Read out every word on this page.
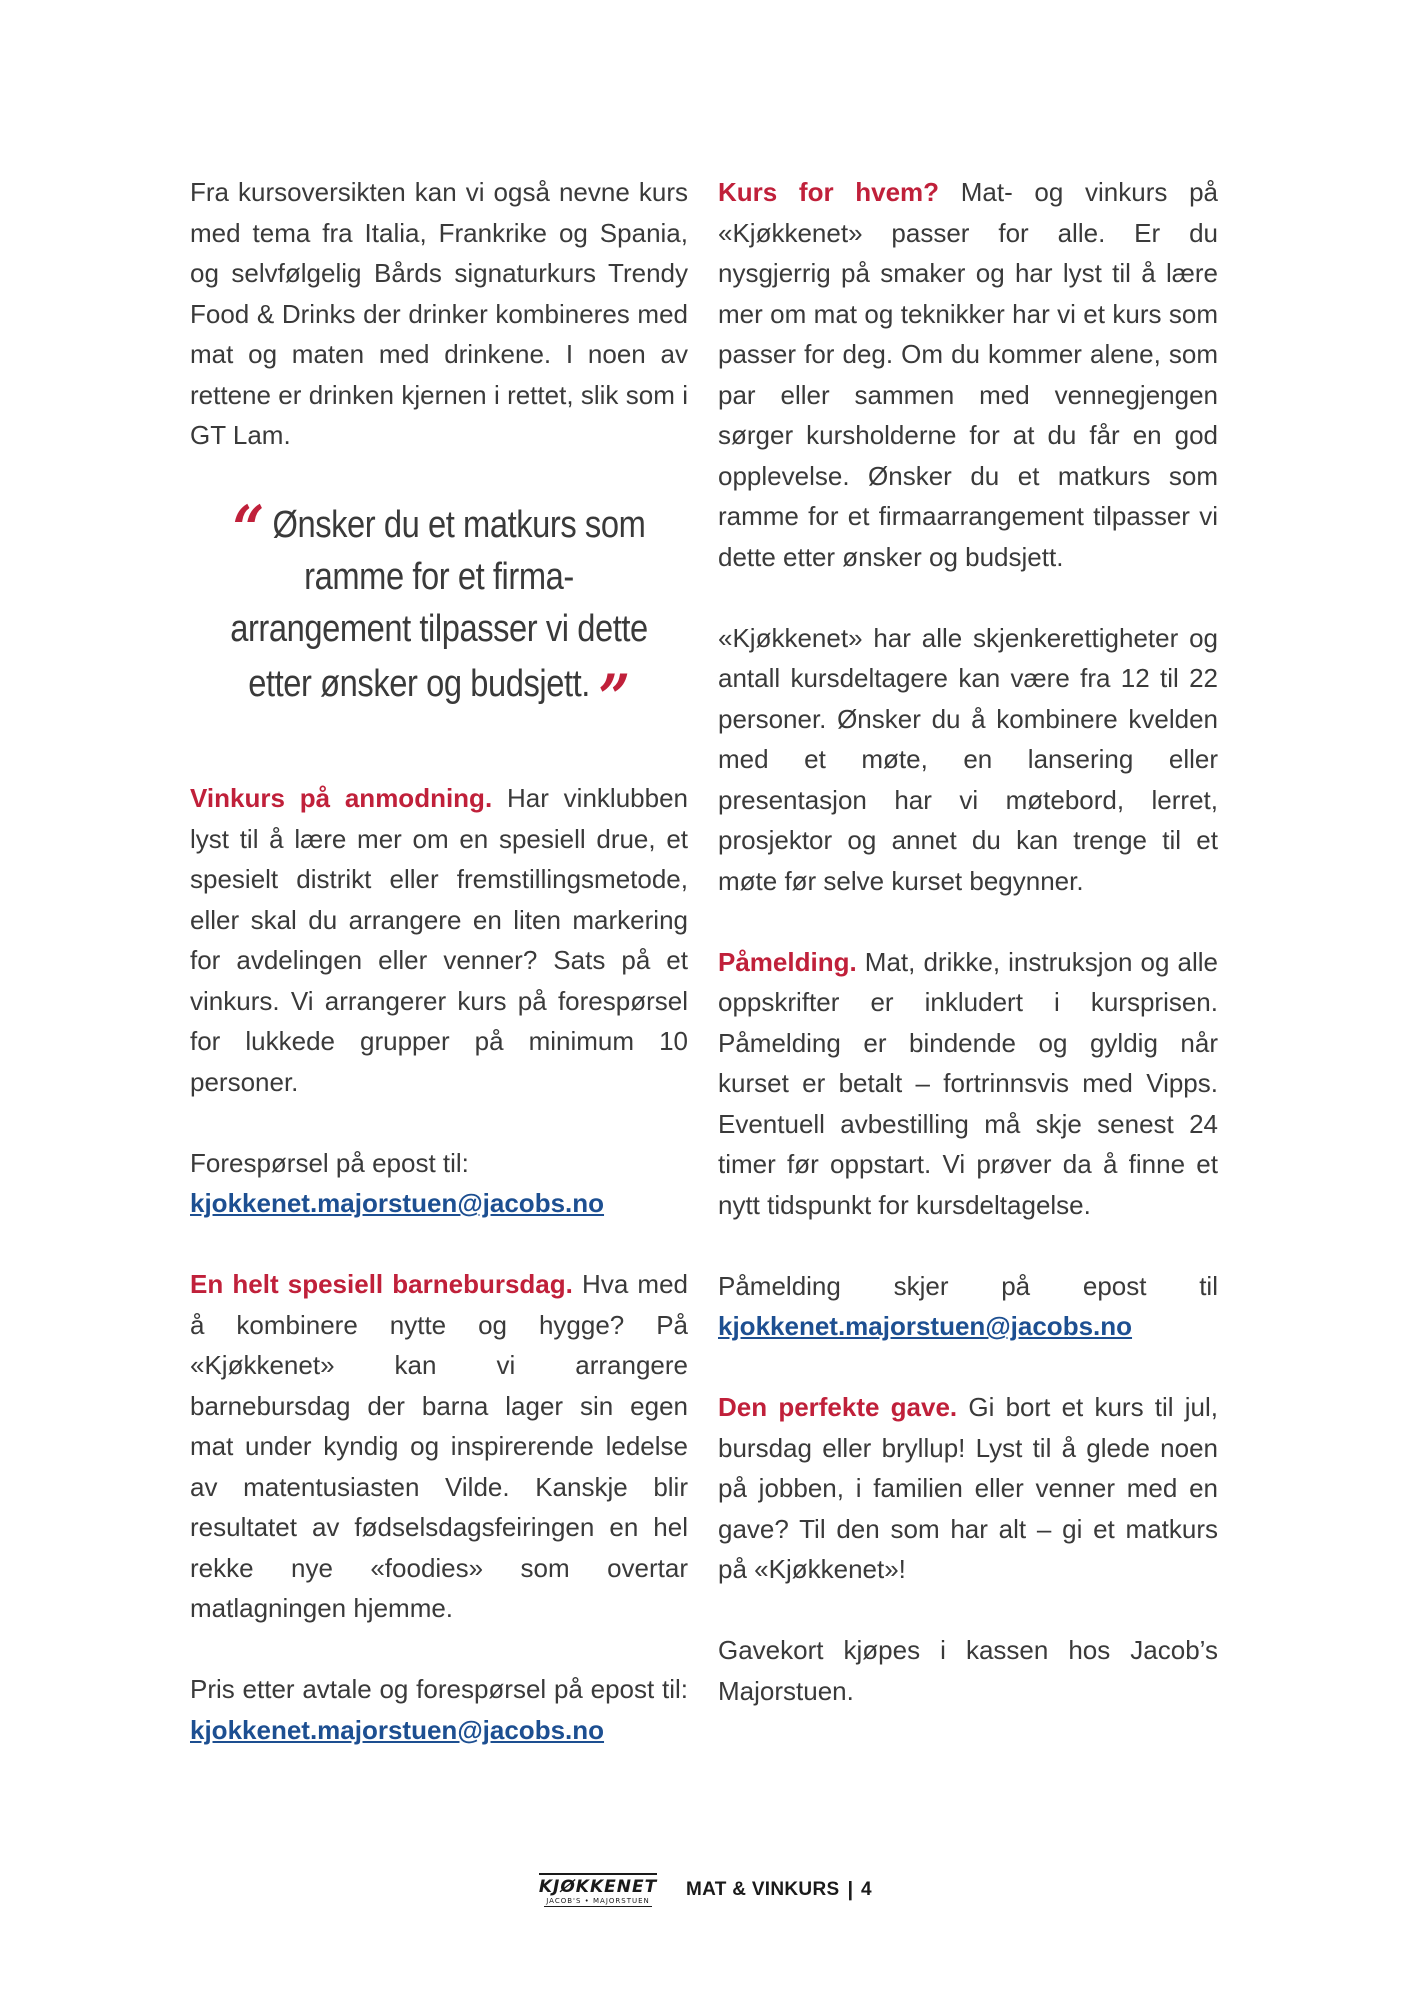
Fra kursoversikten kan vi også nevne kurs med tema fra Italia, Frankrike og Spania, og selvfølgelig Bårds signaturkurs Trendy Food & Drinks der drinker kombineres med mat og maten med drinkene. I noen av rettene er drinken kjernen i rettet, slik som i GT Lam.

“ Ønsker du et matkurs som ramme for et firma-arrangement tilpasser vi dette etter ønsker og budsjett. ”

Vinkurs på anmodning. Har vinklubben lyst til å lære mer om en spesiell drue, et spesielt distrikt eller fremstillingsmetode, eller skal du arrangere en liten markering for avdelingen eller venner? Sats på et vinkurs. Vi arrangerer kurs på forespørsel for lukkede grupper på minimum 10 personer.

Forespørsel på epost til:
kjokkenet.majorstuen@jacobs.no

En helt spesiell barnebursdag. Hva med å kombinere nytte og hygge? På «Kjøkkenet» kan vi arrangere barnebursdag der barna lager sin egen mat under kyndig og inspirerende ledelse av matentusiasten Vilde. Kanskje blir resultatet av fødselsdagsfeiringen en hel rekke nye «foodies» som overtar matlagningen hjemme.

Pris etter avtale og forespørsel på epost til: kjokkenet.majorstuen@jacobs.no

Kurs for hvem? Mat- og vinkurs på «Kjøkkenet» passer for alle. Er du nysgjerrig på smaker og har lyst til å lære mer om mat og teknikker har vi et kurs som passer for deg. Om du kommer alene, som par eller sammen med vennegjengen sørger kursholderne for at du får en god opplevelse. Ønsker du et matkurs som ramme for et firmaarrangement tilpasser vi dette etter ønsker og budsjett.

«Kjøkkenet» har alle skjenkerettigheter og antall kursdeltagere kan være fra 12 til 22 personer. Ønsker du å kombinere kvelden med et møte, en lansering eller presentasjon har vi møtebord, lerret, prosjektor og annet du kan trenge til et møte før selve kurset begynner.

Påmelding. Mat, drikke, instruksjon og alle oppskrifter er inkludert i kursprisen. Påmelding er bindende og gyldig når kurset er betalt – fortrinnsvis med Vipps. Eventuell avbestilling må skje senest 24 timer før oppstart. Vi prøver da å finne et nytt tidspunkt for kursdeltagelse.

Påmelding skjer på epost til kjokkenet.majorstuen@jacobs.no

Den perfekte gave. Gi bort et kurs til jul, bursdag eller bryllup! Lyst til å glede noen på jobben, i familien eller venner med en gave? Til den som har alt – gi et matkurs på «Kjøkkenet»!

Gavekort kjøpes i kassen hos Jacob’s Majorstuen.

KJØKKENET
JACOB'S • MAJORSTUEN
MAT & VINKURS | 4
